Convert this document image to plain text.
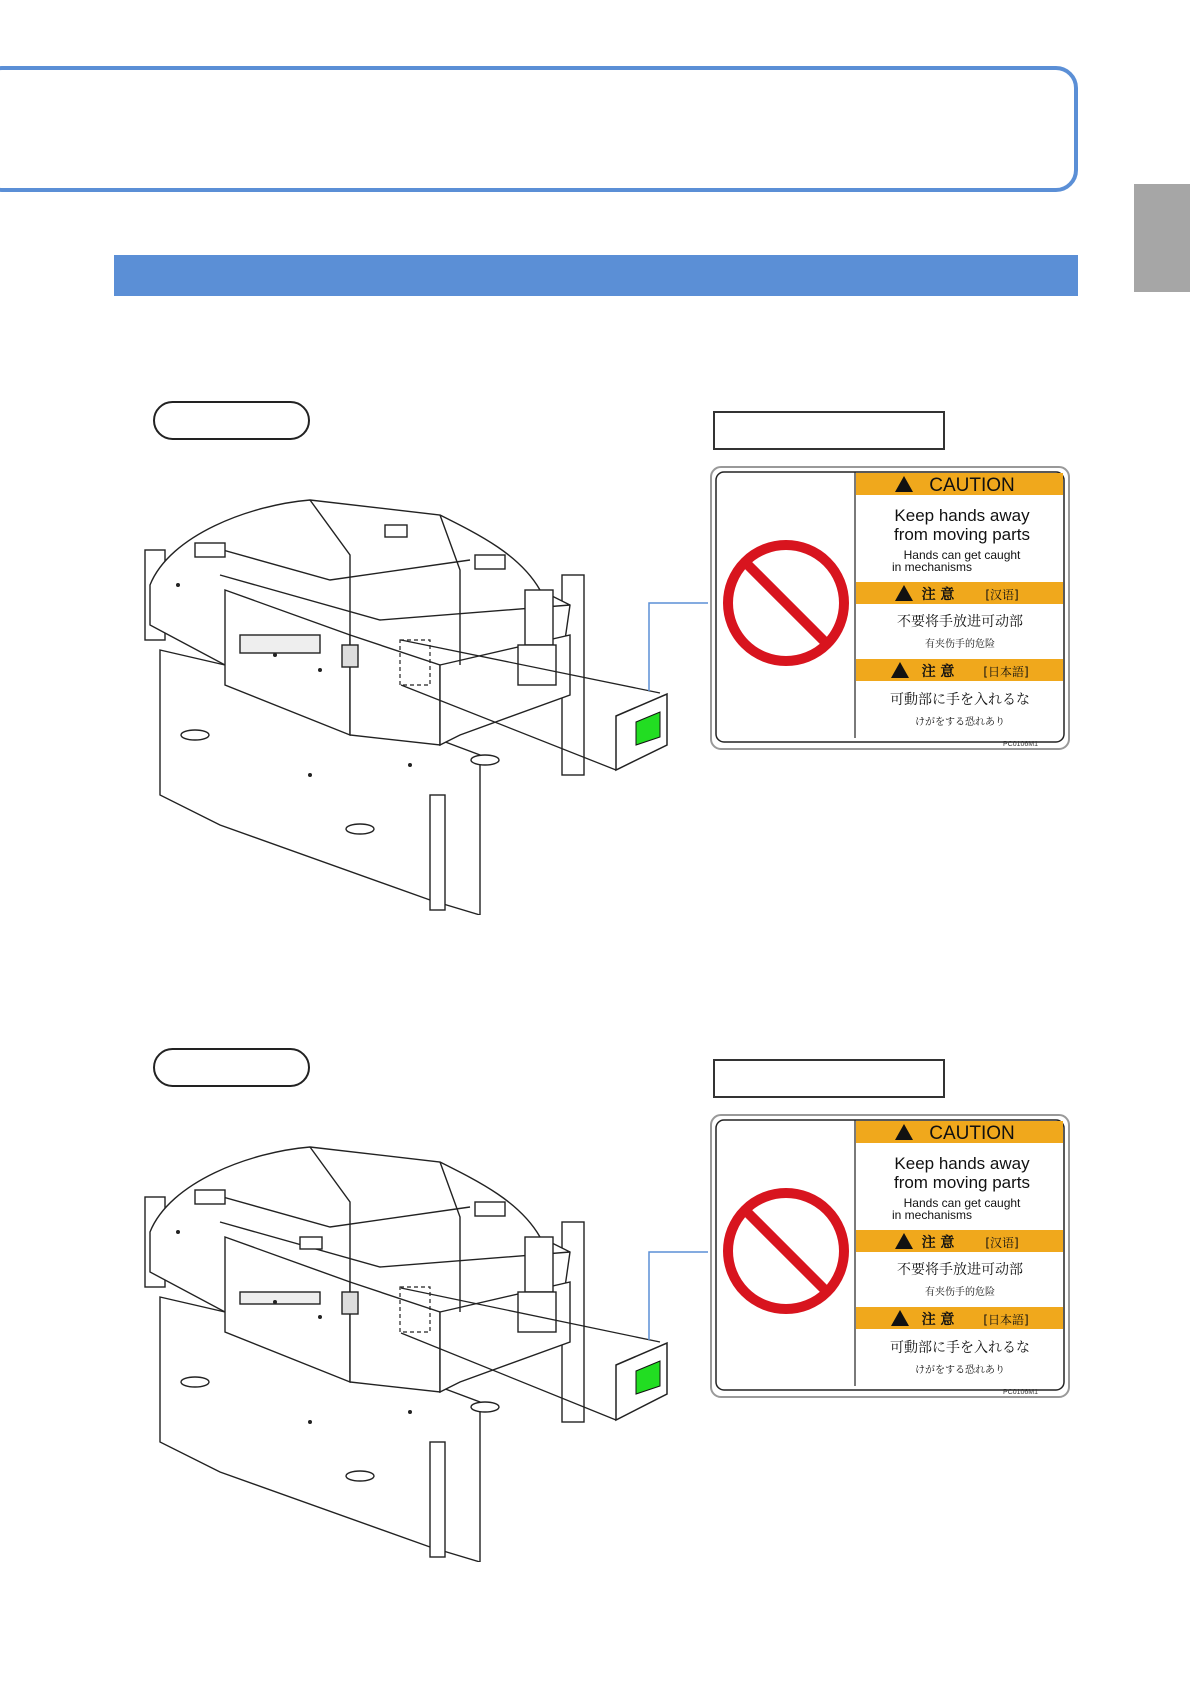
CAUTION
Keep hands away
from moving parts
Hands can get caught
in mechanisms
注 意	[汉语]
不要将手放进可动部
有夹伤手的危险
注 意 [日本語]
可動部に手を入れるな
けがをする恐れあり
PC0106M1
CAUTION
Keep hands away
from moving parts
Hands can get caught
in mechanisms
注 意	[汉语]
不要将手放进可动部
有夹伤手的危险
注 意 [日本語]
可動部に手を入れるな
けがをする恐れあり
PC0106M1
